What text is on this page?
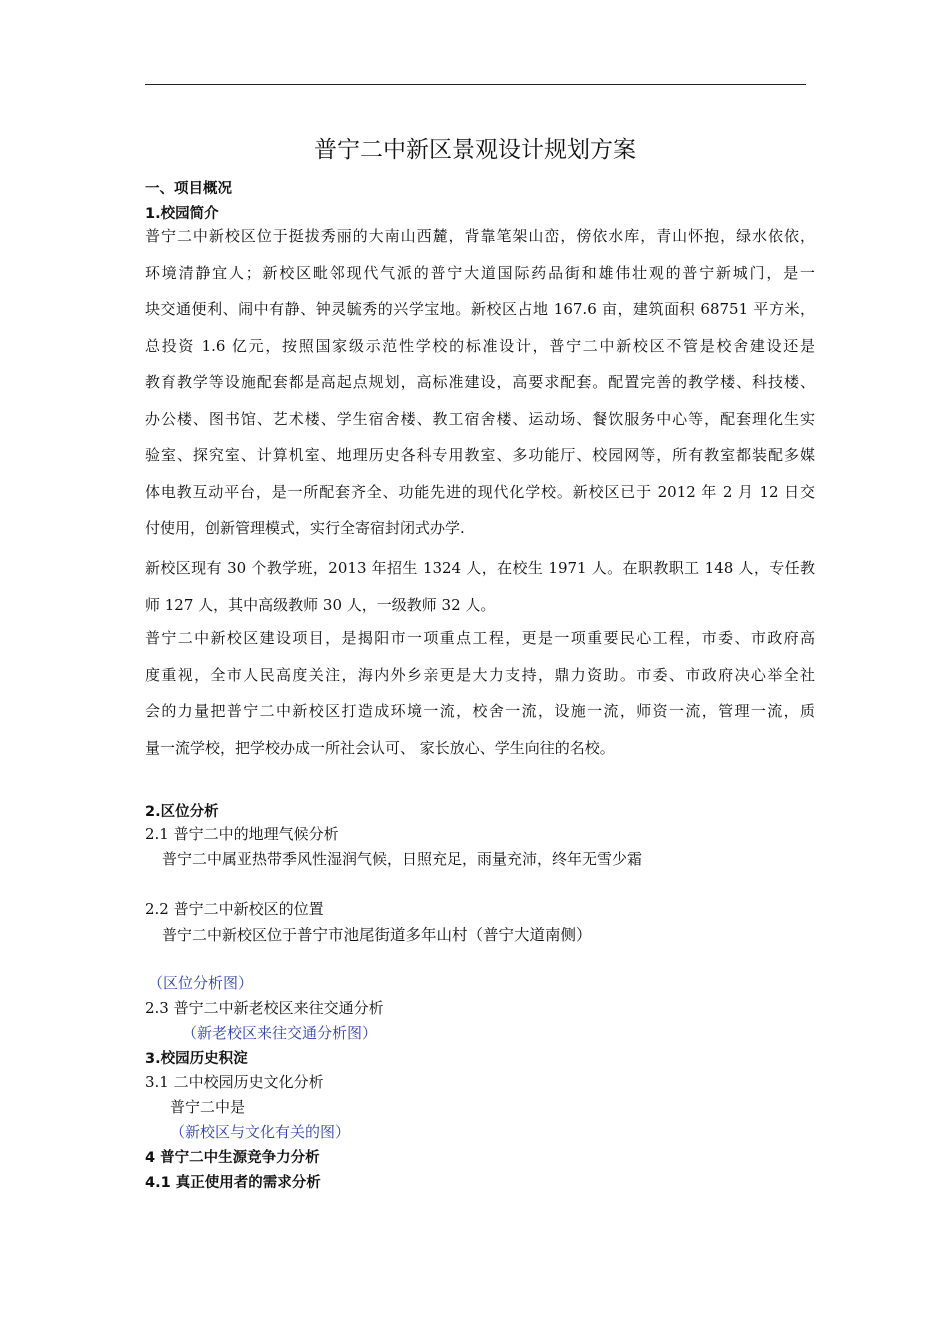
普宁二中新区景观设计规划方案
一、项目概况
1.校园简介
普宁二中新校区位于挺拔秀丽的大南山西麓，背靠笔架山峦，傍依水库，青山怀抱，绿水依依，
环境清静宜人；新校区毗邻现代气派的普宁大道国际药品街和雄伟壮观的普宁新城门，是一
块交通便利、闹中有静、钟灵毓秀的兴学宝地。新校区占地 167.6 亩，建筑面积 68751 平方米，
总投资 1.6 亿元，按照国家级示范性学校的标准设计，普宁二中新校区不管是校舍建设还是
教育教学等设施配套都是高起点规划，高标准建设，高要求配套。配置完善的教学楼、科技楼、
办公楼、图书馆、艺术楼、学生宿舍楼、教工宿舍楼、运动场、餐饮服务中心等，配套理化生实
验室、探究室、计算机室、地理历史各科专用教室、多功能厅、校园网等，所有教室都装配多媒
体电教互动平台，是一所配套齐全、功能先进的现代化学校。新校区已于 2012 年 2 月 12 日交
付使用，创新管理模式，实行全寄宿封闭式办学.
新校区现有 30 个教学班，2013 年招生 1324 人，在校生 1971 人。在职教职工 148 人，专任教
师 127 人，其中高级教师 30 人，一级教师 32 人。
普宁二中新校区建设项目，是揭阳市一项重点工程，更是一项重要民心工程，市委、市政府高
度重视，全市人民高度关注，海内外乡亲更是大力支持，鼎力资助。市委、市政府决心举全社
会的力量把普宁二中新校区打造成环境一流，校舍一流，设施一流，师资一流，管理一流，质
量一流学校，把学校办成一所社会认可、 家长放心、学生向往的名校。
2.区位分析
2.1 普宁二中的地理气候分析
普宁二中属亚热带季风性湿润气候，日照充足，雨量充沛，终年无雪少霜
2.2 普宁二中新校区的位置
普宁二中新校区位于普宁市池尾街道多年山村（普宁大道南侧）
（区位分析图）
2.3 普宁二中新老校区来往交通分析
（新老校区来往交通分析图）
3.校园历史积淀
3.1 二中校园历史文化分析
普宁二中是
（新校区与文化有关的图）
4 普宁二中生源竞争力分析
4.1 真正使用者的需求分析
